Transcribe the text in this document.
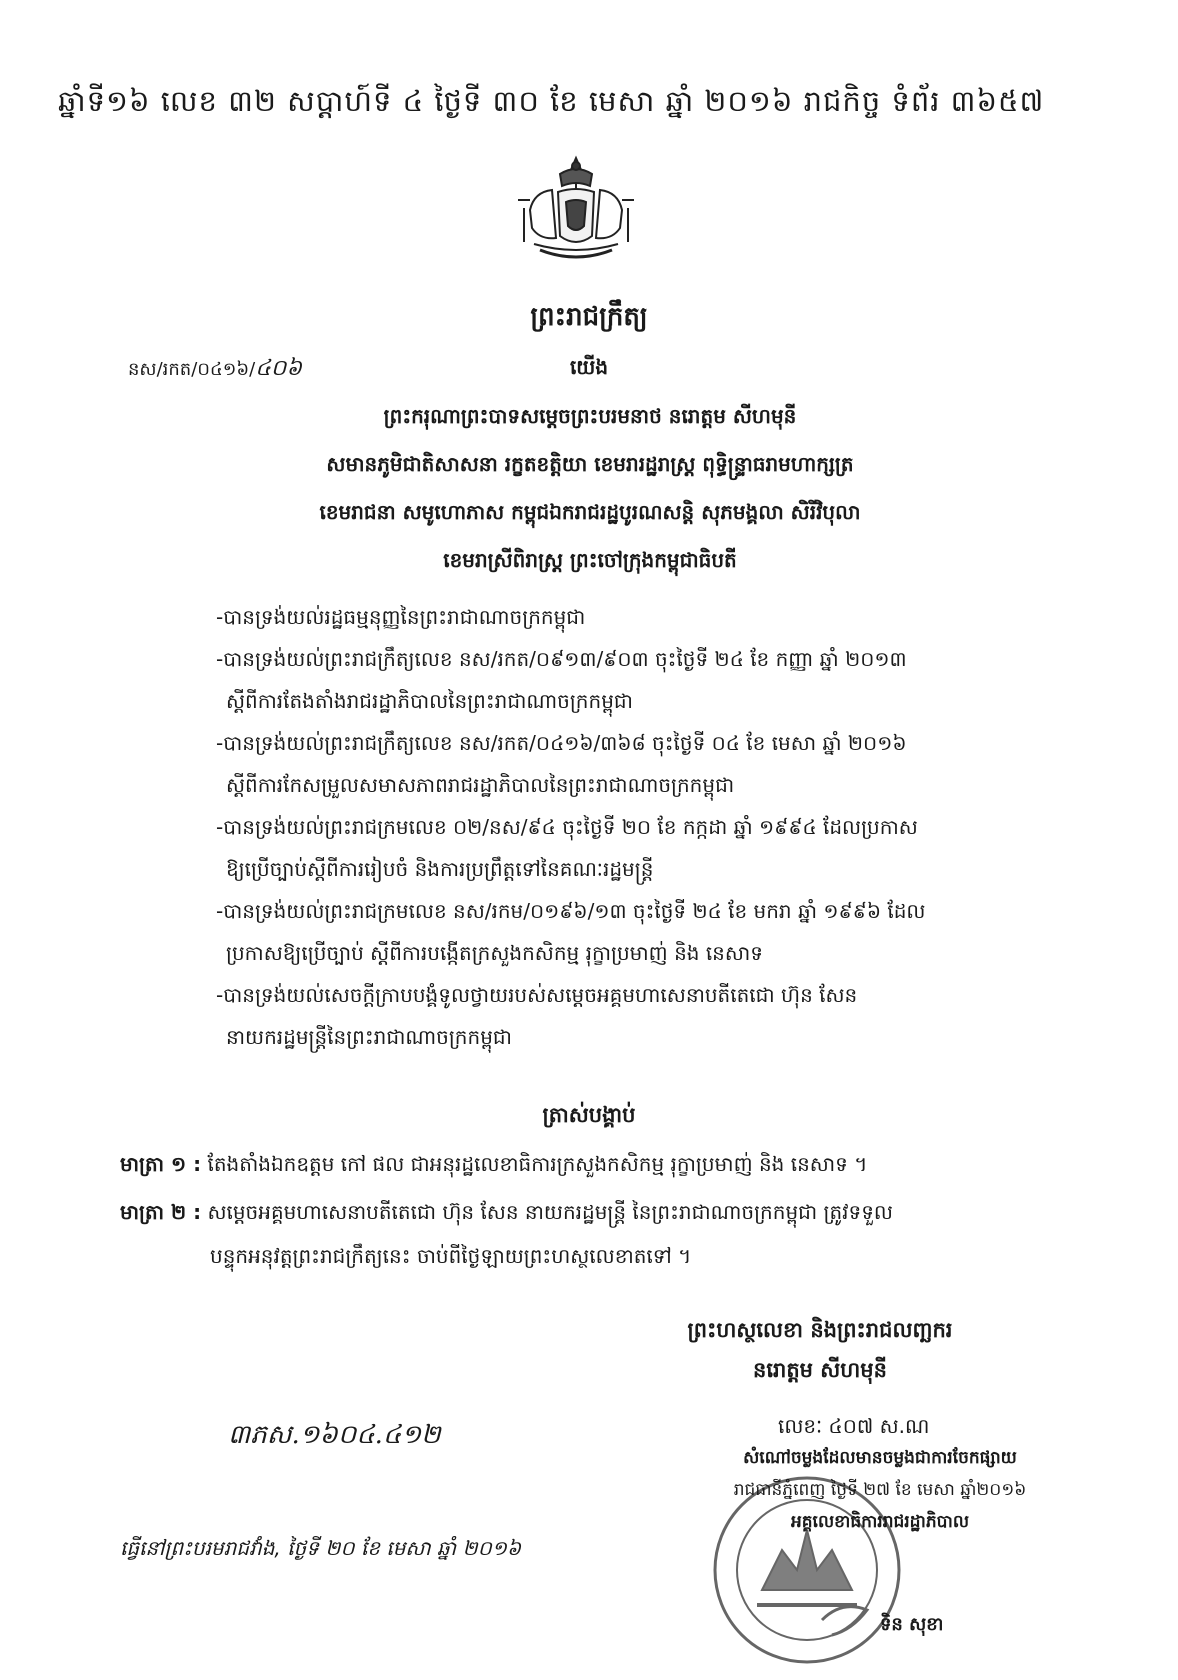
ឆ្នាំទី១៦ លេខ ៣២ សប្ដាហ៍ទី ៤ ថ្ងៃទី ៣០ ខែ មេសា ឆ្នាំ ២០១៦ រាជកិច្ច ទំព័រ ៣៦៥៧
ព្រះរាជក្រឹត្យ
នស/រកត/០៤១៦/៤០៦	យើង
ព្រះករុណាព្រះបាទសម្ដេចព្រះបរមនាថ នរោត្តម សីហមុនី
សមានភូមិជាតិសាសនា រក្ខតខត្តិយា ខេមរារដ្ឋរាស្ត្រ ពុទ្ធិន្ទ្រាធរាមហាក្សត្រ
ខេមរាជនា សមូហោភាស កម្ពុជឯករាជរដ្ឋបូរណសន្តិ សុភមង្គលា សិរីវិបុលា
ខេមរាស្រីពិរាស្ត្រ ព្រះចៅក្រុងកម្ពុជាធិបតី
-បានទ្រង់យល់រដ្ឋធម្មនុញ្ញនៃព្រះរាជាណាចក្រកម្ពុជា
-បានទ្រង់យល់ព្រះរាជក្រឹត្យលេខ នស/រកត/០៩១៣/៩០៣ ចុះថ្ងៃទី ២៤ ខែ កញ្ញា ឆ្នាំ ២០១៣
ស្ដីពីការតែងតាំងរាជរដ្ឋាភិបាលនៃព្រះរាជាណាចក្រកម្ពុជា
-បានទ្រង់យល់ព្រះរាជក្រឹត្យលេខ នស/រកត/០៤១៦/៣៦៨ ចុះថ្ងៃទី ០៤ ខែ មេសា ឆ្នាំ ២០១៦
ស្ដីពីការកែសម្រួលសមាសភាពរាជរដ្ឋាភិបាលនៃព្រះរាជាណាចក្រកម្ពុជា
-បានទ្រង់យល់ព្រះរាជក្រមលេខ ០២/នស/៩៤ ចុះថ្ងៃទី ២០ ខែ កក្កដា ឆ្នាំ ១៩៩៤ ដែលប្រកាស
ឱ្យប្រើច្បាប់ស្ដីពីការរៀបចំ និងការប្រព្រឹត្តទៅនៃគណៈរដ្ឋមន្ត្រី
-បានទ្រង់យល់ព្រះរាជក្រមលេខ នស/រកម/០១៩៦/១៣ ចុះថ្ងៃទី ២៤ ខែ មករា ឆ្នាំ ១៩៩៦ ដែល
ប្រកាសឱ្យប្រើច្បាប់ ស្ដីពីការបង្កើតក្រសួងកសិកម្ម រុក្ខាប្រមាញ់ និង នេសាទ
-បានទ្រង់យល់សេចក្ដីក្រាបបង្គំទូលថ្វាយរបស់សម្ដេចអគ្គមហាសេនាបតីតេជោ ហ៊ុន សែន
នាយករដ្ឋមន្ត្រីនៃព្រះរាជាណាចក្រកម្ពុជា
ត្រាស់បង្គាប់
មាត្រា ១ : តែងតាំងឯកឧត្តម កៅ ផល ជាអនុរដ្ឋលេខាធិការក្រសួងកសិកម្ម រុក្ខាប្រមាញ់ និង នេសាទ ។
មាត្រា ២ : សម្ដេចអគ្គមហាសេនាបតីតេជោ ហ៊ុន សែន នាយករដ្ឋមន្ត្រី នៃព្រះរាជាណាចក្រកម្ពុជា ត្រូវទទួល
បន្ទុកអនុវត្តព្រះរាជក្រឹត្យនេះ ចាប់ពីថ្ងៃឡាយព្រះហស្ថលេខាតទៅ ។
ព្រះហស្ថលេខា និងព្រះរាជលញ្ឆករ
នរោត្តម សីហមុនី
៣ភស.១៦០៤.៤១២	លេខៈ ៤០៧ ស.ណ
សំណៅចម្លងដែលមានចម្លងជាការចែកផ្សាយ
រាជធានីភ្នំពេញ ថ្ងៃទី ២៧ ខែ មេសា ឆ្នាំ២០១៦
អគ្គលេខាធិការរាជរដ្ឋាភិបាល
ធ្វើនៅព្រះបរមរាជវាំង, ថ្ងៃទី ២០ ខែ មេសា ឆ្នាំ ២០១៦
ទិន សុខា
